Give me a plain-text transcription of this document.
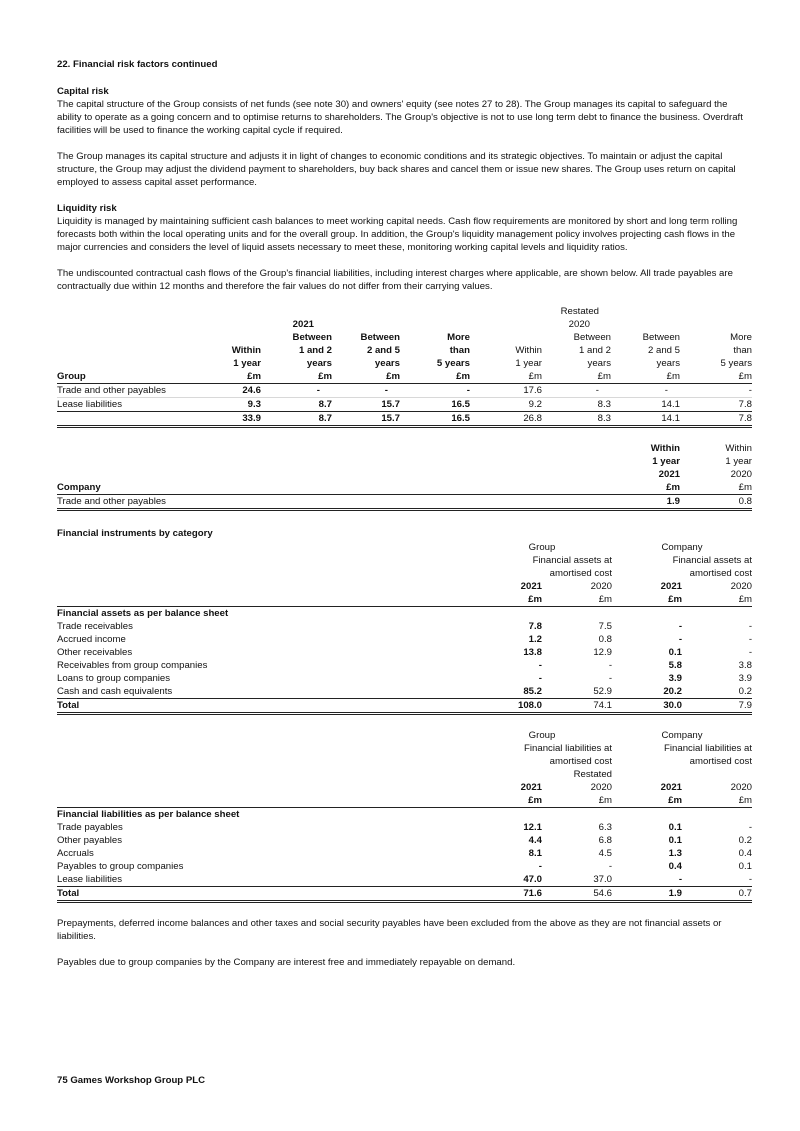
22. Financial risk factors continued

Capital risk

The capital structure of the Group consists of net funds (see note 30) and owners' equity (see notes 27 to 28). The Group manages its capital to safeguard the ability to operate as a going concern and to optimise returns to shareholders. The Group's objective is not to use long term debt to finance the business. Overdraft facilities will be used to finance the working capital cycle if required.

The Group manages its capital structure and adjusts it in light of changes to economic conditions and its strategic objectives. To maintain or adjust the capital structure, the Group may adjust the dividend payment to shareholders, buy back shares and cancel them or issue new shares. The Group uses return on capital employed to assess capital asset performance.

Liquidity risk

Liquidity is managed by maintaining sufficient cash balances to meet working capital needs. Cash flow requirements are monitored by short and long term rolling forecasts both within the local operating units and for the overall group. In addition, the Group's liquidity management policy involves projecting cash flows in the major currencies and considers the level of liquid assets necessary to meet these, monitoring working capital levels and liquidity ratios.

The undiscounted contractual cash flows of the Group's financial liabilities, including interest charges where applicable, are shown below. All trade payables are contractually due within 12 months and therefore the fair values do not differ from their carrying values.

						Restated		
		2021				2020		
		Between	Between	More		Between	Between	More
	Within	1 and 2	2 and 5	than	Within	1 and 2	2 and 5	than
	1 year	years	years	5 years	1 year	years	years	5 years
Group	£m	£m	£m	£m	£m	£m	£m	£m
Trade and other payables	24.6	-	-	-	17.6	-	-	-
Lease liabilities	9.3	8.7	15.7	16.5	9.2	8.3	14.1	7.8
	33.9	8.7	15.7	16.5	26.8	8.3	14.1	7.8
	Within	Within
	1 year	1 year
	2021	2020
Company	£m	£m
Trade and other payables	1.9	0.8

Financial instruments by category

	Group		Company	
	Financial assets at		Financial assets at	
	amortised cost		amortised cost	
	2021	2020	2021	2020
	£m	£m	£m	£m
Financial assets as per balance sheet				
Trade receivables	7.8	7.5	-	-
Accrued income	1.2	0.8	-	-
Other receivables	13.8	12.9	0.1	-
Receivables from group companies	-	-	5.8	3.8
Loans to group companies	-	-	3.9	3.9
Cash and cash equivalents	85.2	52.9	20.2	0.2
Total	108.0	74.1	30.0	7.9
	Group		Company	
	Financial liabilities at		Financial liabilities at	
	amortised cost		amortised cost	
		Restated		
	2021	2020	2021	2020
	£m	£m	£m	£m
Financial liabilities as per balance sheet				
Trade payables	12.1	6.3	0.1	-
Other payables	4.4	6.8	0.1	0.2
Accruals	8.1	4.5	1.3	0.4
Payables to group companies	-	-	0.4	0.1
Lease liabilities	47.0	37.0	-	-
Total	71.6	54.6	1.9	0.7

Prepayments, deferred income balances and other taxes and social security payables have been excluded from the above as they are not financial assets or liabilities.

Payables due to group companies by the Company are interest free and immediately repayable on demand.

75 Games Workshop Group PLC
